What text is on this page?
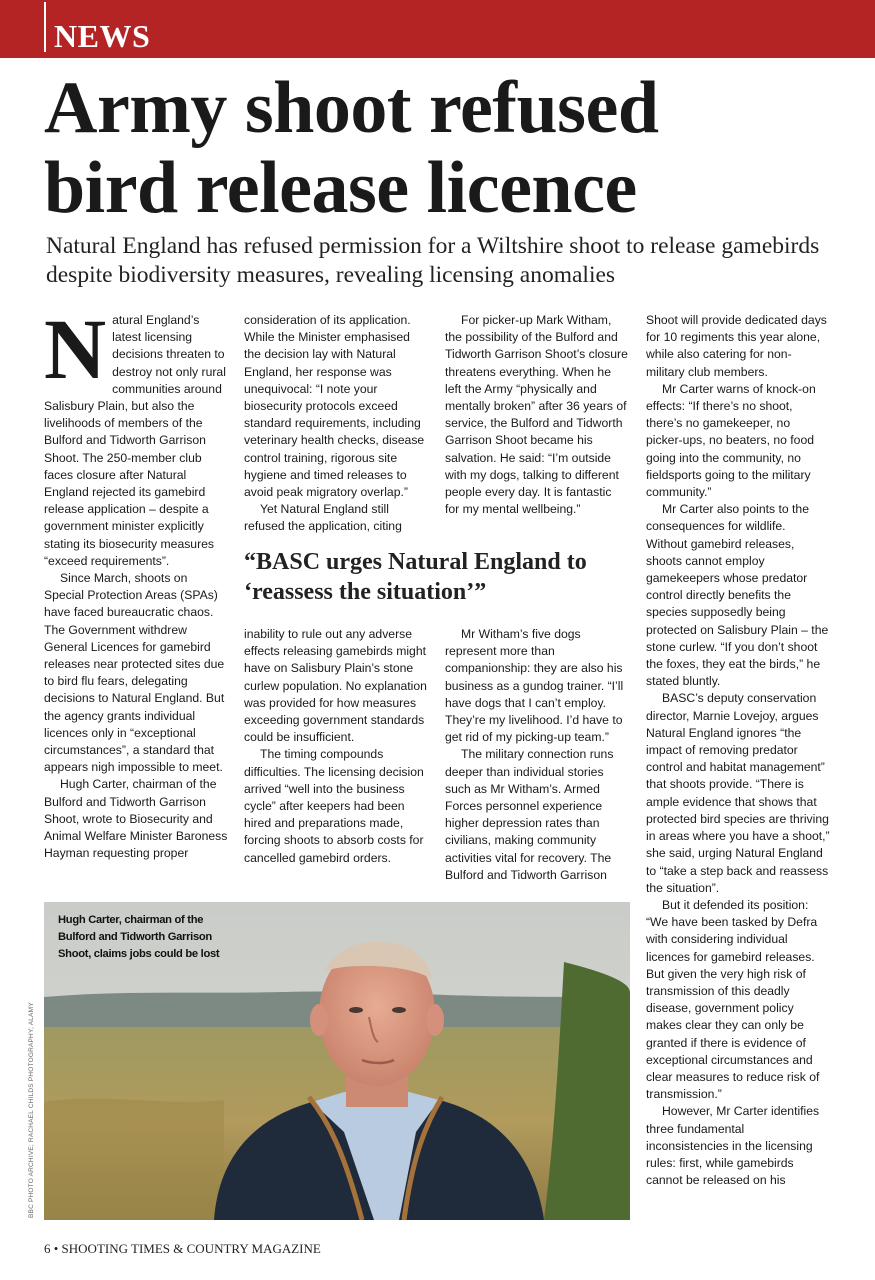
NEWS
Army shoot refused
bird release licence

Natural England has refused permission for a Wiltshire shoot to release gamebirds despite biodiversity measures, revealing licensing anomalies

Natural England’s latest licensing decisions threaten to destroy not only rural communities around Salisbury Plain, but also the livelihoods of members of the Bulford and Tidworth Garrison Shoot. The 250-member club faces closure after Natural England rejected its gamebird release application – despite a government minister explicitly stating its biosecurity measures “exceed requirements”.

Since March, shoots on Special Protection Areas (SPAs) have faced bureaucratic chaos. The Government withdrew General Licences for gamebird releases near protected sites due to bird flu fears, delegating decisions to Natural England. But the agency grants individual licences only in “exceptional circumstances”, a standard that appears nigh impossible to meet.

Hugh Carter, chairman of the Bulford and Tidworth Garrison Shoot, wrote to Biosecurity and Animal Welfare Minister Baroness Hayman requesting proper

consideration of its application. While the Minister emphasised the decision lay with Natural England, her response was unequivocal: “I note your biosecurity protocols exceed standard requirements, including veterinary health checks, disease control training, rigorous site hygiene and timed releases to avoid peak migratory overlap.”

Yet Natural England still refused the application, citing

For picker-up Mark Witham, the possibility of the Bulford and Tidworth Garrison Shoot’s closure threatens everything. When he left the Army “physically and mentally broken” after 36 years of service, the Bulford and Tidworth Garrison Shoot became his salvation. He said: “I’m outside with my dogs, talking to different people every day. It is fantastic for my mental wellbeing.”

“BASC urges Natural England to ‘reassess the situation’”

inability to rule out any adverse effects releasing gamebirds might have on Salisbury Plain’s stone curlew population. No explanation was provided for how measures exceeding government standards could be insufficient.

The timing compounds difficulties. The licensing decision arrived “well into the business cycle” after keepers had been hired and preparations made, forcing shoots to absorb costs for cancelled gamebird orders.

Mr Witham’s five dogs represent more than companionship: they are also his business as a gundog trainer. “I’ll have dogs that I can’t employ. They’re my livelihood. I’d have to get rid of my picking-up team.”

The military connection runs deeper than individual stories such as Mr Witham’s. Armed Forces personnel experience higher depression rates than civilians, making community activities vital for recovery. The Bulford and Tidworth Garrison

Shoot will provide dedicated days for 10 regiments this year alone, while also catering for non-military club members.

Mr Carter warns of knock-on effects: “If there’s no shoot, there’s no gamekeeper, no picker-ups, no beaters, no food going into the community, no fieldsports going to the military community.”

Mr Carter also points to the consequences for wildlife. Without gamebird releases, shoots cannot employ gamekeepers whose predator control directly benefits the species supposedly being protected on Salisbury Plain – the stone curlew. “If you don’t shoot the foxes, they eat the birds,” he stated bluntly.

BASC’s deputy conservation director, Marnie Lovejoy, argues Natural England ignores “the impact of removing predator control and habitat management” that shoots provide. “There is ample evidence that shows that protected bird species are thriving in areas where you have a shoot,” she said, urging Natural England to “take a step back and reassess the situation”.

But it defended its position: “We have been tasked by Defra with considering individual licences for gamebird releases. But given the very high risk of transmission of this deadly disease, government policy makes clear they can only be granted if there is evidence of exceptional circumstances and clear measures to reduce risk of transmission.”

However, Mr Carter identifies three fundamental inconsistencies in the licensing rules: first, while gamebirds cannot be released on his

Hugh Carter, chairman of the Bulford and Tidworth Garrison Shoot, claims jobs could be lost

BBC PHOTO ARCHIVE; RACHAEL CHILDS PHOTOGRAPHY; ALAMY

6 • SHOOTING TIMES & COUNTRY MAGAZINE
